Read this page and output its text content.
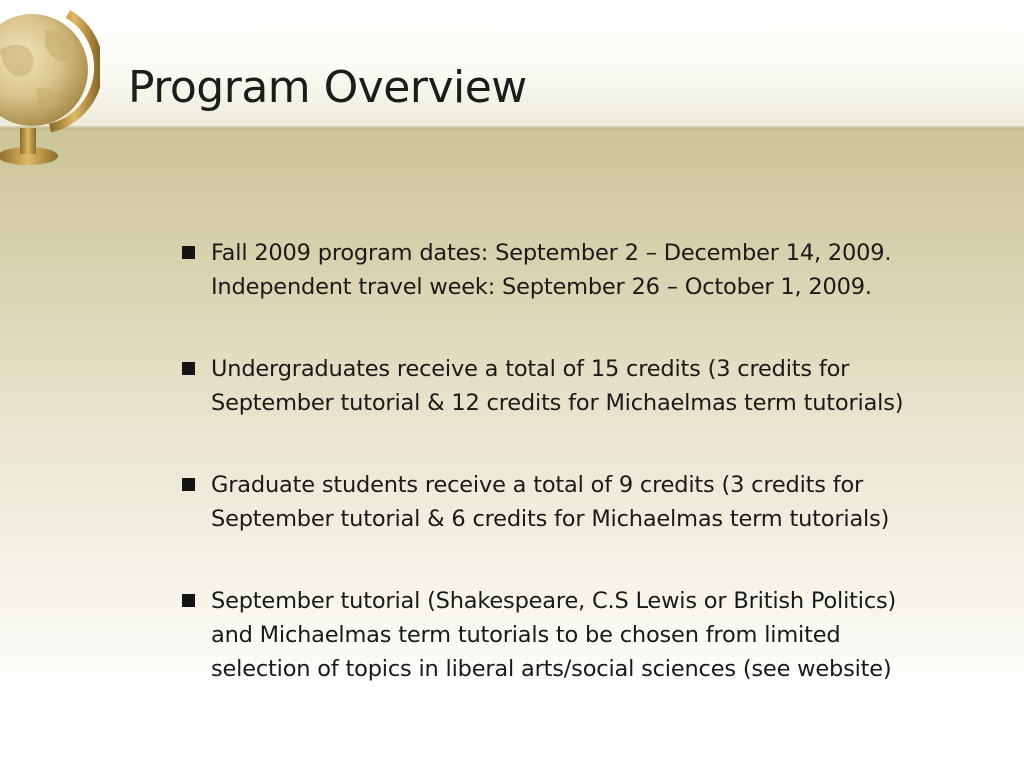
Program Overview
Fall 2009 program dates: September 2 – December 14, 2009.
Independent travel week: September 26 – October 1, 2009.
Undergraduates receive a total of 15 credits (3 credits for
September tutorial & 12 credits for Michaelmas term tutorials)
Graduate students receive a total of 9 credits (3 credits for
September tutorial & 6 credits for Michaelmas term tutorials)
September tutorial (Shakespeare, C.S Lewis or British Politics)
and Michaelmas term tutorials to be chosen from limited
selection of topics in liberal arts/social sciences (see website)
